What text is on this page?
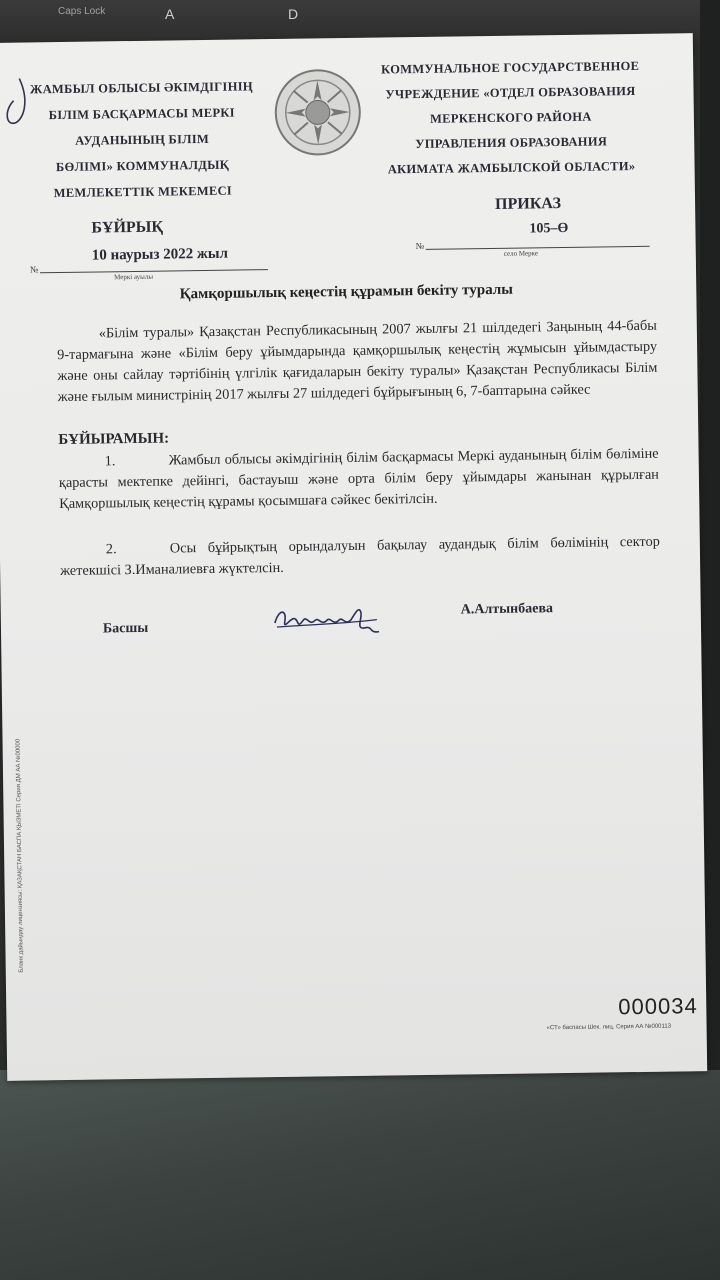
Caps Lock	A	D
ЖАМБЫЛ ОБЛЫСЫ ӘКІМДІГІНІҢ
БІЛІМ БАСҚАРМАСЫ МЕРКІ
АУДАНЫНЫҢ БІЛІМ
БӨЛІМІ» КОММУНАЛДЫҚ
МЕМЛЕКЕТТІК МЕКЕМЕСІ
КОММУНАЛЬНОЕ ГОСУДАРСТВЕННОЕ
УЧРЕЖДЕНИЕ «ОТДЕЛ ОБРАЗОВАНИЯ
МЕРКЕНСКОГО РАЙОНА
УПРАВЛЕНИЯ ОБРАЗОВАНИЯ
АКИМАТА ЖАМБЫЛСКОЙ ОБЛАСТИ»
БҰЙРЫҚ
ПРИКАЗ
№
10 наурыз 2022 жыл
Меркі ауылы
№
105–Ө
село Мерке
Қамқоршылық кеңестің құрамын бекіту туралы
«Білім туралы» Қазақстан Республикасының 2007 жылғы 21 шілдедегі Заңының 44-бабы 9-тармағына және «Білім беру ұйымдарында қамқоршылық кеңестің жұмысын ұйымдастыру және оны сайлау тәртібінің үлгілік қағидаларын бекіту туралы» Қазақстан Республикасы Білім және ғылым министрінің 2017 жылғы 27 шілдедегі бұйрығының 6, 7-баптарына сәйкес
БҰЙЫРАМЫН:
1.	Жамбыл облысы әкімдігінің білім басқармасы Меркі ауданының білім бөліміне қарасты мектепке дейінгі, бастауыш және орта білім беру ұйымдары жанынан құрылған Қамқоршылық кеңестің құрамы қосымшаға сәйкес бекітілсін.
2.	Осы бұйрықтың орындалуын бақылау аудандық білім бөлімінің сектор жетекшісі З.Иманалиевға жүктелсін.
Басшы
А.Алтынбаева
Бланк дайындау лицензиясы: ҚАЗАҚСТАН БАСПА ҚЫЗМЕТІ Серия ДМ АА №00000
000034
«СТ» баспасы Шек. лиц. Серия АА №000113
